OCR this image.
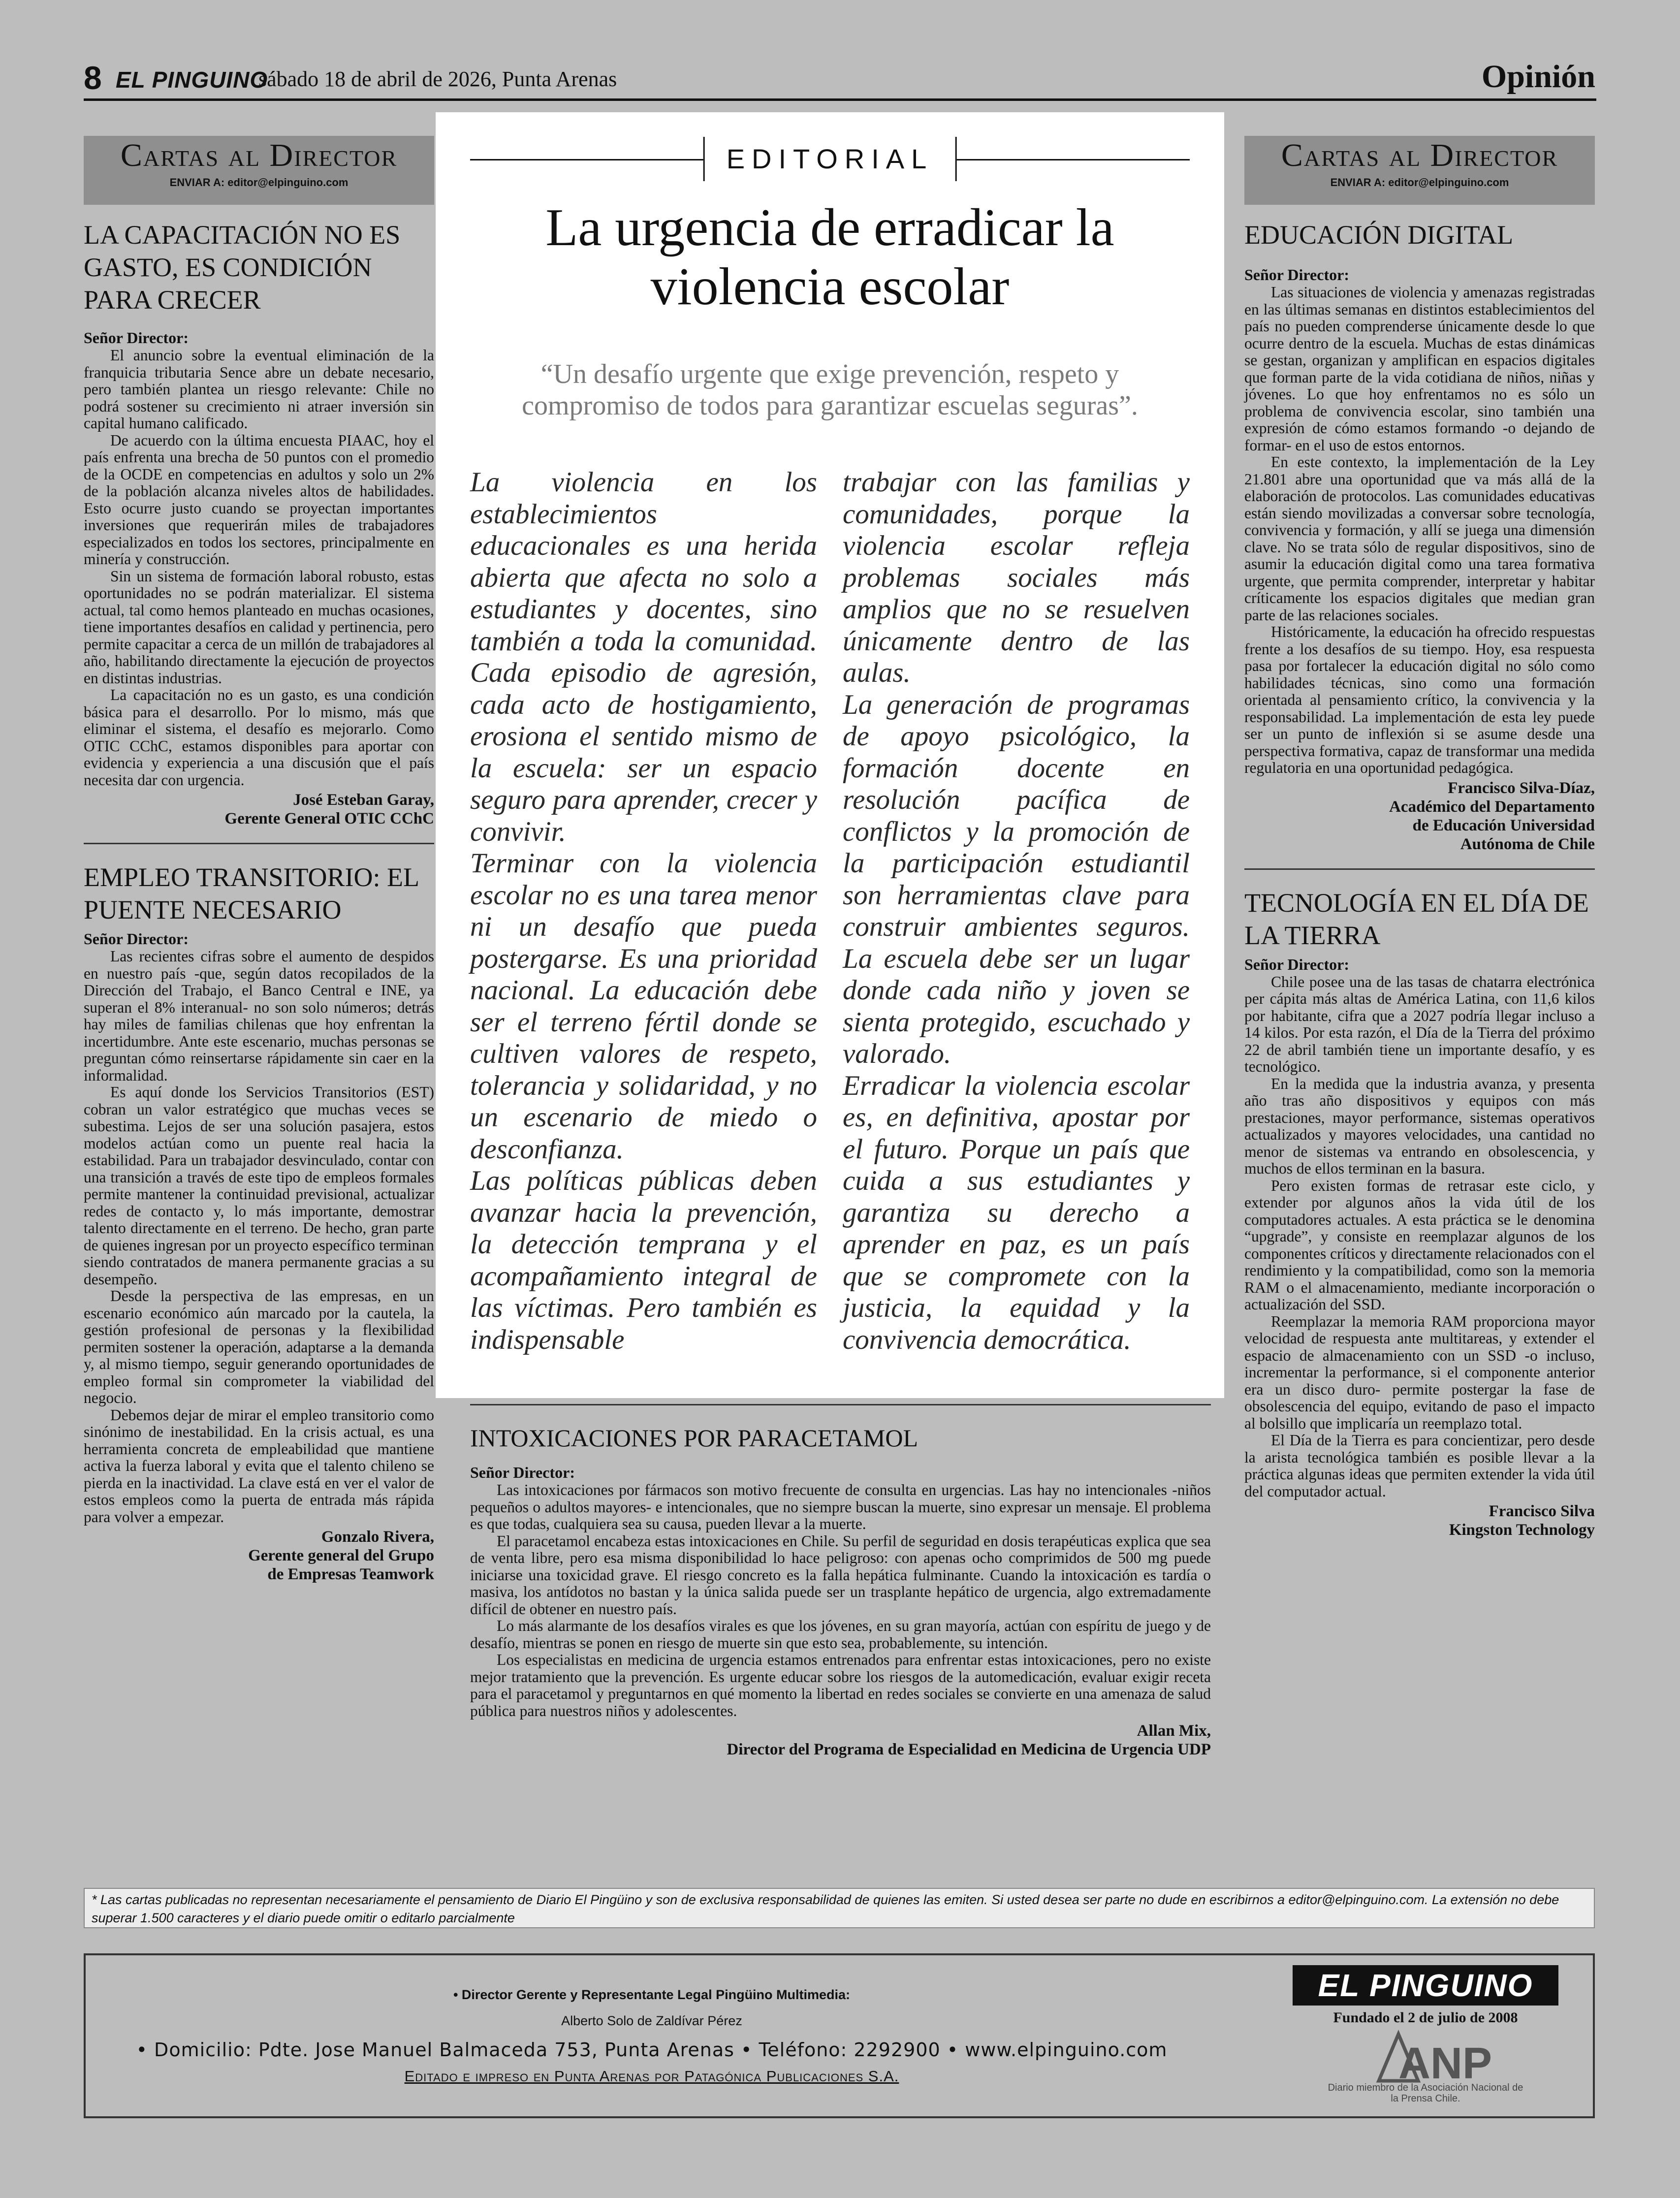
8 EL PINGUINO
sábado 18 de abril de 2026, Punta Arenas	Opinión
Cartas al Director
ENVIAR A: editor@elpinguino.com
LA CAPACITACIÓN NO ES GASTO, ES CONDICIÓN PARA CRECER
Señor Director:

El anuncio sobre la eventual eliminación de la franquicia tributaria Sence abre un debate necesario, pero también plantea un riesgo relevante: Chile no podrá sostener su crecimiento ni atraer inversión sin capital humano calificado.

De acuerdo con la última encuesta PIAAC, hoy el país enfrenta una brecha de 50 puntos con el promedio de la OCDE en competencias en adultos y solo un 2% de la población alcanza niveles altos de habilidades. Esto ocurre justo cuando se proyectan importantes inversiones que requerirán miles de trabajadores especializados en todos los sectores, principalmente en minería y construcción.

Sin un sistema de formación laboral robusto, estas oportunidades no se podrán materializar. El sistema actual, tal como hemos planteado en muchas ocasiones, tiene importantes desafíos en calidad y pertinencia, pero permite capacitar a cerca de un millón de trabajadores al año, habilitando directamente la ejecución de proyectos en distintas industrias.

La capacitación no es un gasto, es una condición básica para el desarrollo. Por lo mismo, más que eliminar el sistema, el desafío es mejorarlo. Como OTIC CChC, estamos disponibles para aportar con evidencia y experiencia a una discusión que el país necesita dar con urgencia.

José Esteban Garay,
Gerente General OTIC CChC
EMPLEO TRANSITORIO: EL PUENTE NECESARIO
Señor Director:

Las recientes cifras sobre el aumento de despidos en nuestro país -que, según datos recopilados de la Dirección del Trabajo, el Banco Central e INE, ya superan el 8% interanual- no son solo números; detrás hay miles de familias chilenas que hoy enfrentan la incertidumbre. Ante este escenario, muchas personas se preguntan cómo reinsertarse rápidamente sin caer en la informalidad.

Es aquí donde los Servicios Transitorios (EST) cobran un valor estratégico que muchas veces se subestima. Lejos de ser una solución pasajera, estos modelos actúan como un puente real hacia la estabilidad. Para un trabajador desvinculado, contar con una transición a través de este tipo de empleos formales permite mantener la continuidad previsional, actualizar redes de contacto y, lo más importante, demostrar talento directamente en el terreno. De hecho, gran parte de quienes ingresan por un proyecto específico terminan siendo contratados de manera permanente gracias a su desempeño.

Desde la perspectiva de las empresas, en un escenario económico aún marcado por la cautela, la gestión profesional de personas y la flexibilidad permiten sostener la operación, adaptarse a la demanda y, al mismo tiempo, seguir generando oportunidades de empleo formal sin comprometer la viabilidad del negocio.

Debemos dejar de mirar el empleo transitorio como sinónimo de inestabilidad. En la crisis actual, es una herramienta concreta de empleabilidad que mantiene activa la fuerza laboral y evita que el talento chileno se pierda en la inactividad. La clave está en ver el valor de estos empleos como la puerta de entrada más rápida para volver a empezar.

Gonzalo Rivera,
Gerente general del Grupo
de Empresas Teamwork
EDITORIAL
La urgencia de erradicar la violencia escolar
“Un desafío urgente que exige prevención, respeto y compromiso de todos para garantizar escuelas seguras”.

La violencia en los establecimientos educacionales es una herida abierta que afecta no solo a estudiantes y docentes, sino también a toda la comunidad. Cada episodio de agresión, cada acto de hostigamiento, erosiona el sentido mismo de la escuela: ser un espacio seguro para aprender, crecer y convivir.

Terminar con la violencia escolar no es una tarea menor ni un desafío que pueda postergarse. Es una prioridad nacional. La educación debe ser el terreno fértil donde se cultiven valores de respeto, tolerancia y solidaridad, y no un escenario de miedo o desconfianza.

Las políticas públicas deben avanzar hacia la prevención, la detección temprana y el acompañamiento integral de las víctimas. Pero también es indispensable

trabajar con las familias y comunidades, porque la violencia escolar refleja problemas sociales más amplios que no se resuelven únicamente dentro de las aulas.

La generación de programas de apoyo psicológico, la formación docente en resolución pacífica de conflictos y la promoción de la participación estudiantil son herramientas clave para construir ambientes seguros. La escuela debe ser un lugar donde cada niño y joven se sienta protegido, escuchado y valorado.

Erradicar la violencia escolar es, en definitiva, apostar por el futuro. Porque un país que cuida a sus estudiantes y garantiza su derecho a aprender en paz, es un país que se compromete con la justicia, la equidad y la convivencia democrática.

INTOXICACIONES POR PARACETAMOL
Señor Director:

Las intoxicaciones por fármacos son motivo frecuente de consulta en urgencias. Las hay no intencionales -niños pequeños o adultos mayores- e intencionales, que no siempre buscan la muerte, sino expresar un mensaje. El problema es que todas, cualquiera sea su causa, pueden llevar a la muerte.

El paracetamol encabeza estas intoxicaciones en Chile. Su perfil de seguridad en dosis terapéuticas explica que sea de venta libre, pero esa misma disponibilidad lo hace peligroso: con apenas ocho comprimidos de 500 mg puede iniciarse una toxicidad grave. El riesgo concreto es la falla hepática fulminante. Cuando la intoxicación es tardía o masiva, los antídotos no bastan y la única salida puede ser un trasplante hepático de urgencia, algo extremadamente difícil de obtener en nuestro país.

Lo más alarmante de los desafíos virales es que los jóvenes, en su gran mayoría, actúan con espíritu de juego y de desafío, mientras se ponen en riesgo de muerte sin que esto sea, probablemente, su intención.

Los especialistas en medicina de urgencia estamos entrenados para enfrentar estas intoxicaciones, pero no existe mejor tratamiento que la prevención. Es urgente educar sobre los riesgos de la automedicación, evaluar exigir receta para el paracetamol y preguntarnos en qué momento la libertad en redes sociales se convierte en una amenaza de salud pública para nuestros niños y adolescentes.

Allan Mix,
Director del Programa de Especialidad en Medicina de Urgencia UDP
Cartas al Director
ENVIAR A: editor@elpinguino.com
EDUCACIÓN DIGITAL
Señor Director:

Las situaciones de violencia y amenazas registradas en las últimas semanas en distintos establecimientos del país no pueden comprenderse únicamente desde lo que ocurre dentro de la escuela. Muchas de estas dinámicas se gestan, organizan y amplifican en espacios digitales que forman parte de la vida cotidiana de niños, niñas y jóvenes. Lo que hoy enfrentamos no es sólo un problema de convivencia escolar, sino también una expresión de cómo estamos formando -o dejando de formar- en el uso de estos entornos.

En este contexto, la implementación de la Ley 21.801 abre una oportunidad que va más allá de la elaboración de protocolos. Las comunidades educativas están siendo movilizadas a conversar sobre tecnología, convivencia y formación, y allí se juega una dimensión clave. No se trata sólo de regular dispositivos, sino de asumir la educación digital como una tarea formativa urgente, que permita comprender, interpretar y habitar críticamente los espacios digitales que median gran parte de las relaciones sociales.

Históricamente, la educación ha ofrecido respuestas frente a los desafíos de su tiempo. Hoy, esa respuesta pasa por fortalecer la educación digital no sólo como habilidades técnicas, sino como una formación orientada al pensamiento crítico, la convivencia y la responsabilidad. La implementación de esta ley puede ser un punto de inflexión si se asume desde una perspectiva formativa, capaz de transformar una medida regulatoria en una oportunidad pedagógica.

Francisco Silva-Díaz,
Académico del Departamento
de Educación Universidad
Autónoma de Chile
TECNOLOGÍA EN EL DÍA DE LA TIERRA
Señor Director:

Chile posee una de las tasas de chatarra electrónica per cápita más altas de América Latina, con 11,6 kilos por habitante, cifra que a 2027 podría llegar incluso a 14 kilos. Por esta razón, el Día de la Tierra del próximo 22 de abril también tiene un importante desafío, y es tecnológico.

En la medida que la industria avanza, y presenta año tras año dispositivos y equipos con más prestaciones, mayor performance, sistemas operativos actualizados y mayores velocidades, una cantidad no menor de sistemas va entrando en obsolescencia, y muchos de ellos terminan en la basura.

Pero existen formas de retrasar este ciclo, y extender por algunos años la vida útil de los computadores actuales. A esta práctica se le denomina “upgrade”, y consiste en reemplazar algunos de los componentes críticos y directamente relacionados con el rendimiento y la compatibilidad, como son la memoria RAM o el almacenamiento, mediante incorporación o actualización del SSD.

Reemplazar la memoria RAM proporciona mayor velocidad de respuesta ante multitareas, y extender el espacio de almacenamiento con un SSD -o incluso, incrementar la performance, si el componente anterior era un disco duro- permite postergar la fase de obsolescencia del equipo, evitando de paso el impacto al bolsillo que implicaría un reemplazo total.

El Día de la Tierra es para concientizar, pero desde la arista tecnológica también es posible llevar a la práctica algunas ideas que permiten extender la vida útil del computador actual.

Francisco Silva
Kingston Technology
* Las cartas publicadas no representan necesariamente el pensamiento de Diario El Pingüino y son de exclusiva responsabilidad de quienes las emiten. Si usted desea ser parte no dude en escribirnos a editor@elpinguino.com. La extensión no debe superar 1.500 caracteres y el diario puede omitir o editarlo parcialmente
• Director Gerente y Representante Legal Pingüino Multimedia:
Alberto Solo de Zaldívar Pérez
• Domicilio: Pdte. Jose Manuel Balmaceda 753, Punta Arenas • Teléfono: 2292900 • www.elpinguino.com
Editado e impreso en Punta Arenas por Patagónica Publicaciones S.A.
EL PINGUINO
Fundado el 2 de julio de 2008
ANP
Diario miembro de la Asociación Nacional de la Prensa Chile.
